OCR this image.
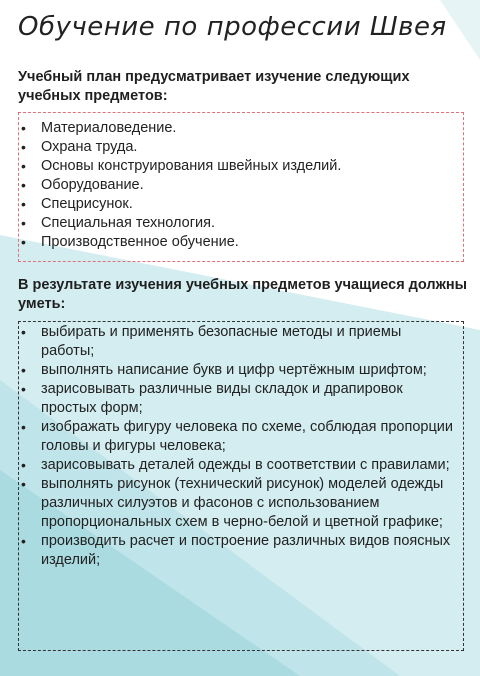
Обучение по профессии Швея
Учебный план предусматривает изучение следующих учебных предметов:
• Материаловедение.
• Охрана труда.
• Основы конструирования швейных изделий.
• Оборудование.
• Спецрисунок.
• Специальная технология.
• Производственное обучение.
В результате изучения учебных предметов учащиеся должны уметь:
• выбирать и применять безопасные методы и приемы работы;
• выполнять написание букв и цифр чертёжным шрифтом;
• зарисовывать различные виды складок и драпировок простых форм;
• изображать фигуру человека по схеме, соблюдая пропорции головы и фигуры человека;
• зарисовывать деталей одежды в соответствии с правилами;
• выполнять рисунок (технический рисунок) моделей одежды различных силуэтов и фасонов с использованием пропорциональных схем в черно-белой и цветной графике;
• производить расчет и построение различных видов поясных изделий;
